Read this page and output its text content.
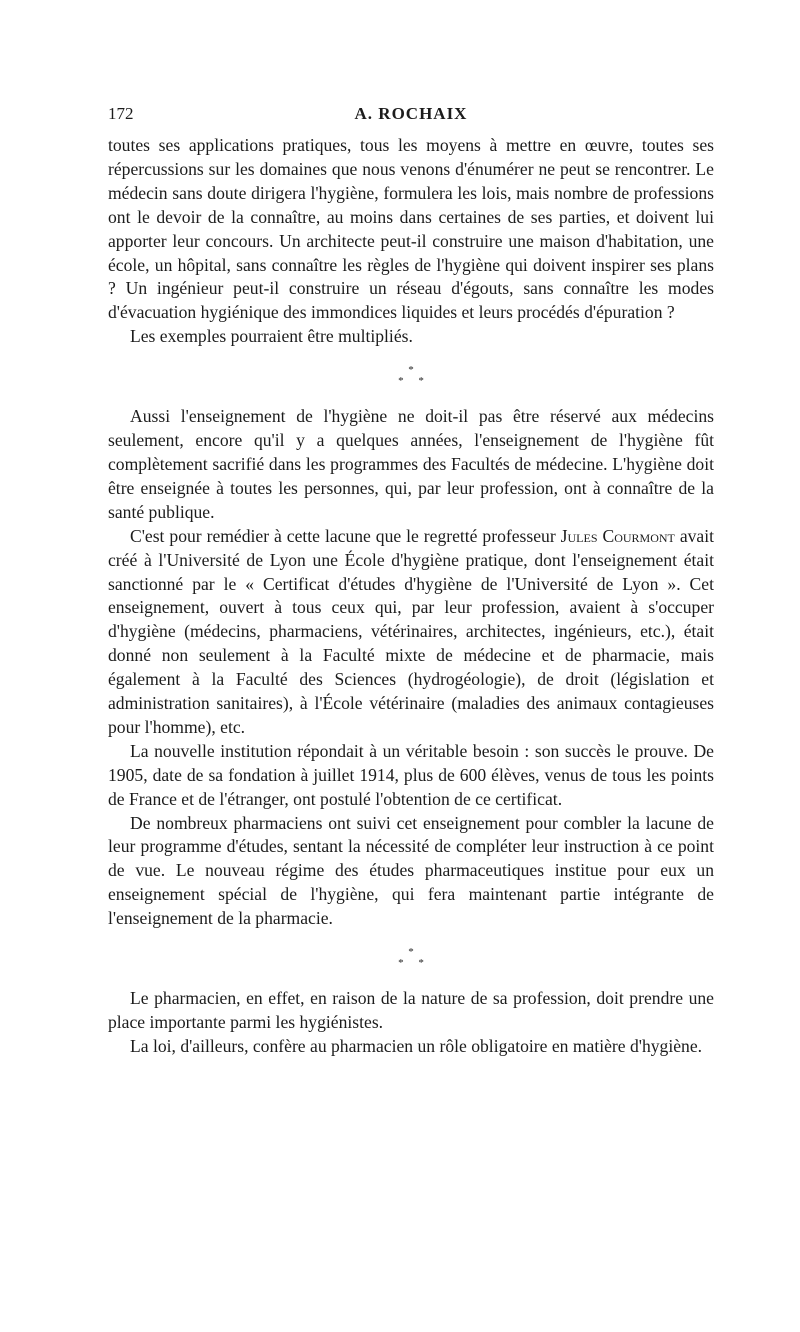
172	A. ROCHAIX

toutes ses applications pratiques, tous les moyens à mettre en œuvre, toutes ses répercussions sur les domaines que nous venons d'énumérer ne peut se rencontrer. Le médecin sans doute dirigera l'hygiène, formulera les lois, mais nombre de professions ont le devoir de la connaître, au moins dans certaines de ses parties, et doivent lui apporter leur concours. Un architecte peut-il construire une maison d'habitation, une école, un hôpital, sans connaître les règles de l'hygiène qui doivent inspirer ses plans ? Un ingénieur peut-il construire un réseau d'égouts, sans connaître les modes d'évacuation hygiénique des immondices liquides et leurs procédés d'épuration ?

Les exemples pourraient être multipliés.

*
* *

Aussi l'enseignement de l'hygiène ne doit-il pas être réservé aux médecins seulement, encore qu'il y a quelques années, l'enseignement de l'hygiène fût complètement sacrifié dans les programmes des Facultés de médecine. L'hygiène doit être enseignée à toutes les personnes, qui, par leur profession, ont à connaître de la santé publique.

C'est pour remédier à cette lacune que le regretté professeur Jules Courmont avait créé à l'Université de Lyon une École d'hygiène pratique, dont l'enseignement était sanctionné par le « Certificat d'études d'hygiène de l'Université de Lyon ». Cet enseignement, ouvert à tous ceux qui, par leur profession, avaient à s'occuper d'hygiène (médecins, pharmaciens, vétérinaires, architectes, ingénieurs, etc.), était donné non seulement à la Faculté mixte de médecine et de pharmacie, mais également à la Faculté des Sciences (hydrogéologie), de droit (législation et administration sanitaires), à l'École vétérinaire (maladies des animaux contagieuses pour l'homme), etc.

La nouvelle institution répondait à un véritable besoin : son succès le prouve. De 1905, date de sa fondation à juillet 1914, plus de 600 élèves, venus de tous les points de France et de l'étranger, ont postulé l'obtention de ce certificat.

De nombreux pharmaciens ont suivi cet enseignement pour combler la lacune de leur programme d'études, sentant la nécessité de compléter leur instruction à ce point de vue. Le nouveau régime des études pharmaceutiques institue pour eux un enseignement spécial de l'hygiène, qui fera maintenant partie intégrante de l'enseignement de la pharmacie.

*
* *

Le pharmacien, en effet, en raison de la nature de sa profession, doit prendre une place importante parmi les hygiénistes.

La loi, d'ailleurs, confère au pharmacien un rôle obligatoire en matière d'hygiène.
